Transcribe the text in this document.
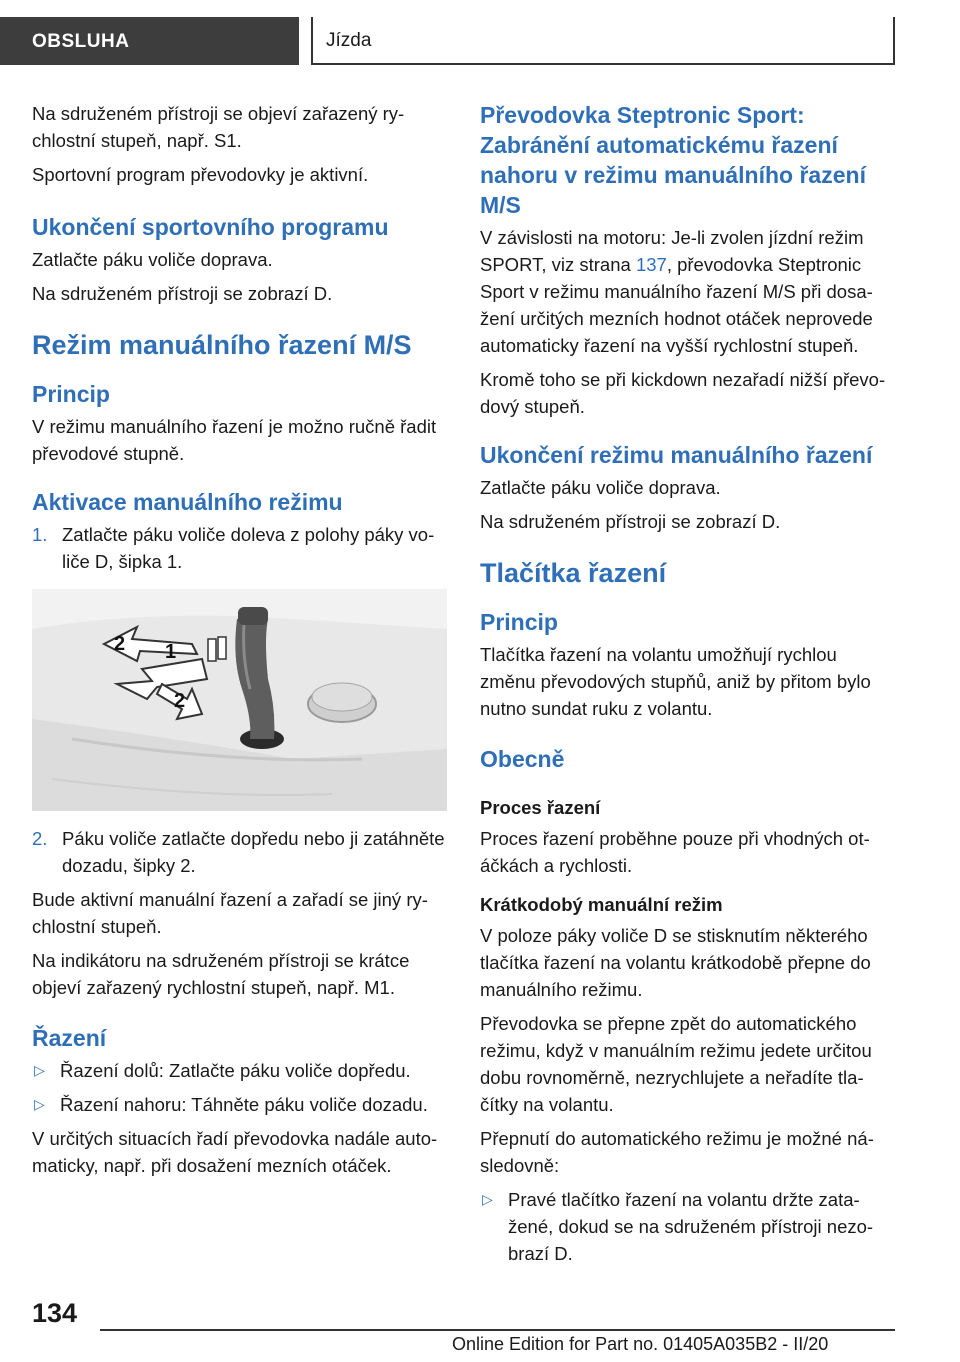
OBSLUHA	Jízda

Na sdruženém přístroji se objeví zařazený rychlostní stupeň, např. S1.

Sportovní program převodovky je aktivní.

Ukončení sportovního programu

Zatlačte páku voliče doprava.

Na sdruženém přístroji se zobrazí D.

Režim manuálního řazení M/S
Princip

V režimu manuálního řazení je možno ručně řadit převodové stupně.

Aktivace manuálního režimu
1. Zatlačte páku voliče doleva z polohy páky voliče D, šipka 1.
1
2
2
2. Páku voliče zatlačte dopředu nebo ji zatáhněte dozadu, šipky 2.

Bude aktivní manuální řazení a zařadí se jiný rychlostní stupeň.

Na indikátoru na sdruženém přístroji se krátce objeví zařazený rychlostní stupeň, např. M1.

Řazení
▷ Řazení dolů: Zatlačte páku voliče dopředu.
▷ Řazení nahoru: Táhněte páku voliče dozadu.

V určitých situacích řadí převodovka nadále automaticky, např. při dosažení mezních otáček.

Převodovka Steptronic Sport: Zabránění automatickému řazení nahoru v režimu manuálního řazení M/S

V závislosti na motoru: Je-li zvolen jízdní režim SPORT, viz strana 137, převodovka Steptronic Sport v režimu manuálního řazení M/S při dosažení určitých mezních hodnot otáček neprovede automaticky řazení na vyšší rychlostní stupeň.

Kromě toho se při kickdown nezařadí nižší převodový stupeň.

Ukončení režimu manuálního řazení

Zatlačte páku voliče doprava.

Na sdruženém přístroji se zobrazí D.

Tlačítka řazení
Princip

Tlačítka řazení na volantu umožňují rychlou změnu převodových stupňů, aniž by přitom bylo nutno sundat ruku z volantu.

Obecně
Proces řazení

Proces řazení proběhne pouze při vhodných otáčkách a rychlosti.

Krátkodobý manuální režim

V poloze páky voliče D se stisknutím některého tlačítka řazení na volantu krátkodobě přepne do manuálního režimu.

Převodovka se přepne zpět do automatického režimu, když v manuálním režimu jedete určitou dobu rovnoměrně, nezrychlujete a neřadíte tlačítky na volantu.

Přepnutí do automatického režimu je možné následovně:

▷ Pravé tlačítko řazení na volantu držte zatažené, dokud se na sdruženém přístroji nezobrazí D.
134
Online Edition for Part no. 01405A035B2 - II/20
